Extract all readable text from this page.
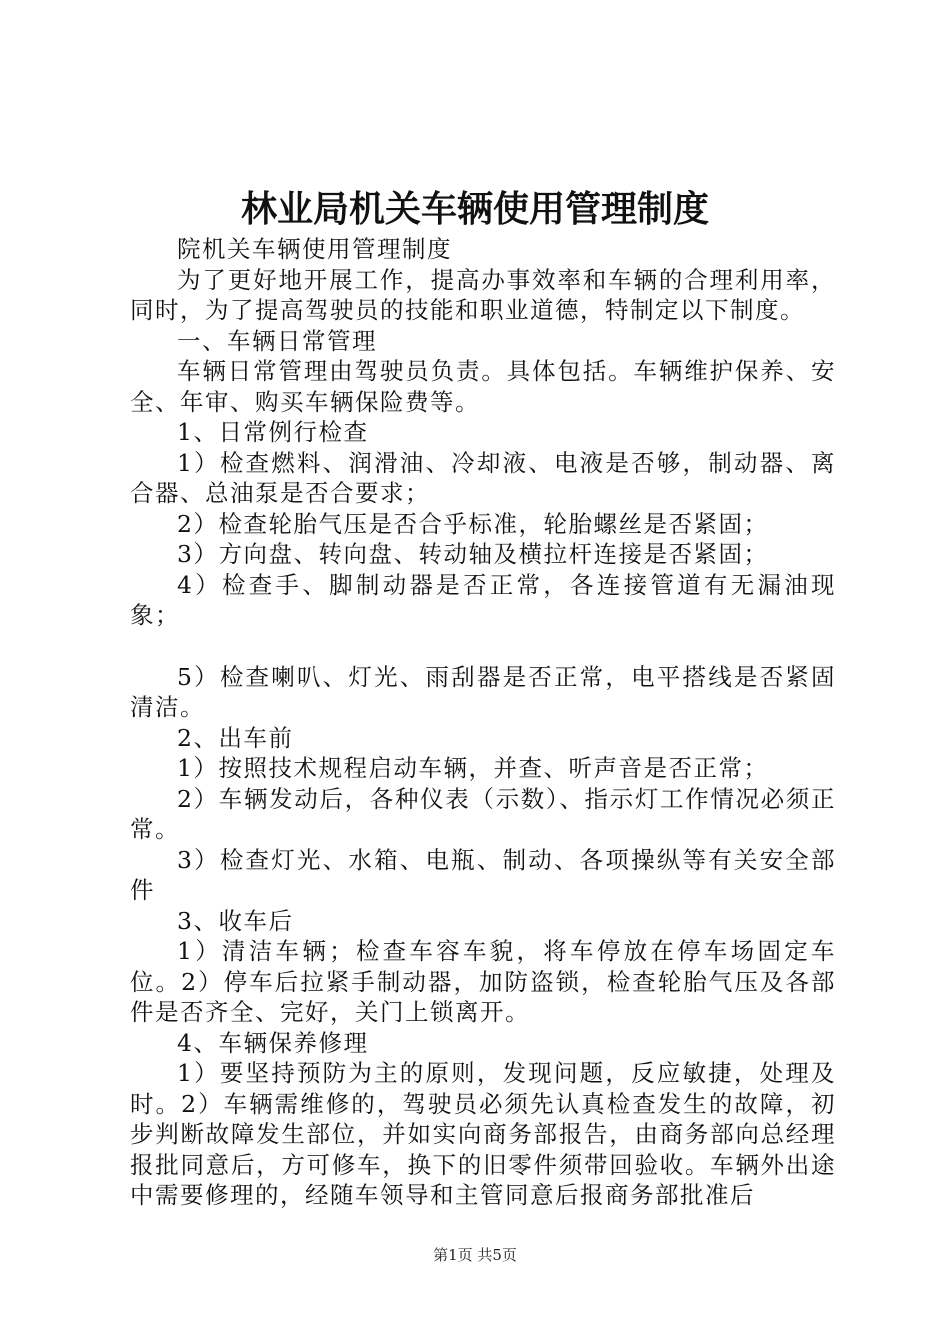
林业局机关车辆使用管理制度

院机关车辆使用管理制度

为了更好地开展工作，提高办事效率和车辆的合理利用率，同时，为了提高驾驶员的技能和职业道德，特制定以下制度。

一、车辆日常管理

车辆日常管理由驾驶员负责。具体包括。车辆维护保养、安全、年审、购买车辆保险费等。

1、日常例行检查

1）检查燃料、润滑油、冷却液、电液是否够，制动器、离合器、总油泵是否合要求；

2）检查轮胎气压是否合乎标准，轮胎螺丝是否紧固；

3）方向盘、转向盘、转动轴及横拉杆连接是否紧固；

4）检查手、脚制动器是否正常，各连接管道有无漏油现象；

5）检查喇叭、灯光、雨刮器是否正常，电平搭线是否紧固清洁。

2、出车前

1）按照技术规程启动车辆，并查、听声音是否正常；

2）车辆发动后，各种仪表（示数）、指示灯工作情况必须正常。

3）检查灯光、水箱、电瓶、制动、各项操纵等有关安全部件

3、收车后

1）清洁车辆；检查车容车貌，将车停放在停车场固定车位。2）停车后拉紧手制动器，加防盗锁，检查轮胎气压及各部件是否齐全、完好，关门上锁离开。

4、车辆保养修理

1）要坚持预防为主的原则，发现问题，反应敏捷，处理及时。2）车辆需维修的，驾驶员必须先认真检查发生的故障，初步判断故障发生部位，并如实向商务部报告，由商务部向总经理报批同意后，方可修车，换下的旧零件须带回验收。车辆外出途中需要修理的，经随车领导和主管同意后报商务部批准后

第1页 共5页
